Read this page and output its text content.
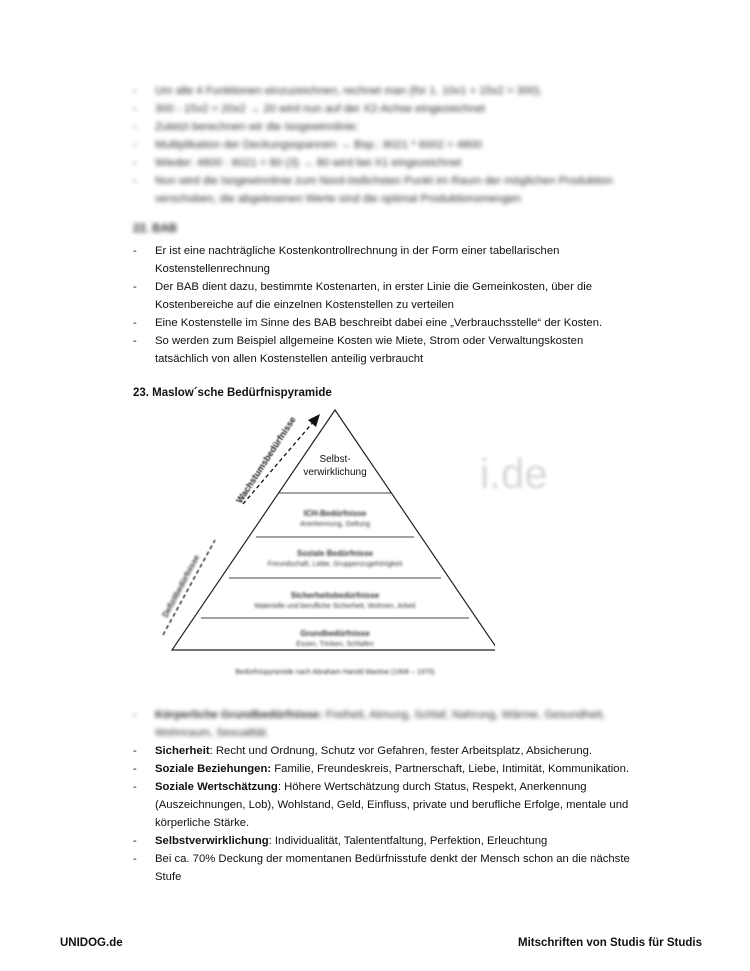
- Um alle 4 Funktionen einzuzeichnen, rechnet man (für 1. 10x1 + 15x2 = 300).
- 300 - 15x2 = 20x2 → 20 wird nun auf der X2-Achse eingezeichnet
- Zuletzt berechnen wir die Isogewinnlinie:
- Multiplikation der Deckungsspannen → Bsp.: 8021 * 6002 = 4800
- Wieder: 4800 : 6021 = 80 (3) → 80 wird bei X1 eingezeichnet
- Nun wird die Isogewinnlinie zum Nord-östlichsten Punkt im Raum der möglichen Produktion verschoben, die abgelesenen Werte sind die optimal Produktionsmengen
22. BAB
- Er ist eine nachträgliche Kostenkontrollrechnung in der Form einer tabellarischen Kostenstellenrechnung
- Der BAB dient dazu, bestimmte Kostenarten, in erster Linie die Gemeinkosten, über die Kostenbereiche auf die einzelnen Kostenstellen zu verteilen
- Eine Kostenstelle im Sinne des BAB beschreibt dabei eine „Verbrauchsstelle“ der Kosten.
- So werden zum Beispiel allgemeine Kosten wie Miete, Strom oder Verwaltungskosten tatsächlich von allen Kostenstellen anteilig verbraucht
23. Maslow´sche Bedürfnispyramide
i.de
Selbst-
verwirklichung
ICH-Bedürfnisse
Anerkennung, Geltung
Soziale Bedürfnisse
Freundschaft, Liebe, Gruppenzugehörigkeit
Sicherheitsbedürfnisse
Materielle und berufliche Sicherheit, Wohnen, Arbeit
Grundbedürfnisse
Essen, Trinken, Schlafen
Bedürfnispyramide nach Abraham Harold Maslow (1908 – 1970)
Wachstumsbedürfnisse
Defizitbedürfnisse
- Körperliche Grundbedürfnisse: Freiheit, Atmung, Schlaf, Nahrung, Wärme, Gesundheit, Wohnraum, Sexualität.
- Sicherheit: Recht und Ordnung, Schutz vor Gefahren, fester Arbeitsplatz, Absicherung.
- Soziale Beziehungen: Familie, Freundeskreis, Partnerschaft, Liebe, Intimität, Kommunikation.
- Soziale Wertschätzung: Höhere Wertschätzung durch Status, Respekt, Anerkennung (Auszeichnungen, Lob), Wohlstand, Geld, Einfluss, private und berufliche Erfolge, mentale und körperliche Stärke.
- Selbstverwirklichung: Individualität, Talententfaltung, Perfektion, Erleuchtung
- Bei ca. 70% Deckung der momentanen Bedürfnisstufe denkt der Mensch schon an die nächste Stufe
UNIDOG.de	Mitschriften von Studis für Studis
